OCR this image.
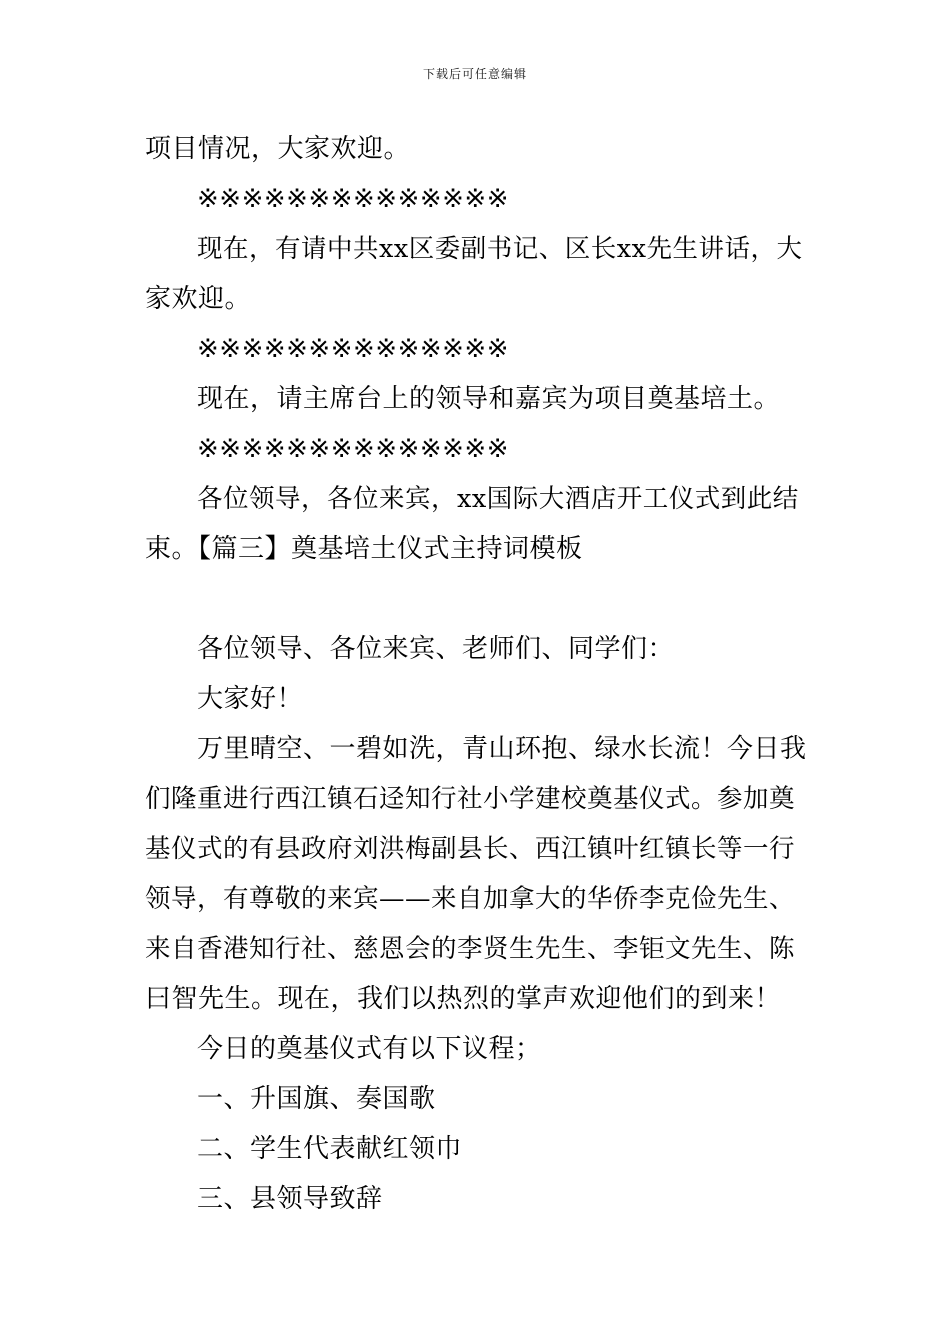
下载后可任意编辑
项目情况，大家欢迎。
※※※※※※※※※※※※※※
现在，有请中共xx区委副书记、区长xx先生讲话，大
家欢迎。
※※※※※※※※※※※※※※
现在，请主席台上的领导和嘉宾为项目奠基培土。
※※※※※※※※※※※※※※
各位领导，各位来宾，xx国际大酒店开工仪式到此结
束。【篇三】奠基培土仪式主持词模板
各位领导、各位来宾、老师们、同学们：
大家好！
万里晴空、一碧如洗，青山环抱、绿水长流！今日我
们隆重进行西江镇石迳知行社小学建校奠基仪式。参加奠
基仪式的有县政府刘洪梅副县长、西江镇叶红镇长等一行
领导，有尊敬的来宾——来自加拿大的华侨李克俭先生、
来自香港知行社、慈恩会的李贤生先生、李钜文先生、陈
曰智先生。现在，我们以热烈的掌声欢迎他们的到来！
今日的奠基仪式有以下议程；
一、升国旗、奏国歌
二、学生代表献红领巾
三、县领导致辞
